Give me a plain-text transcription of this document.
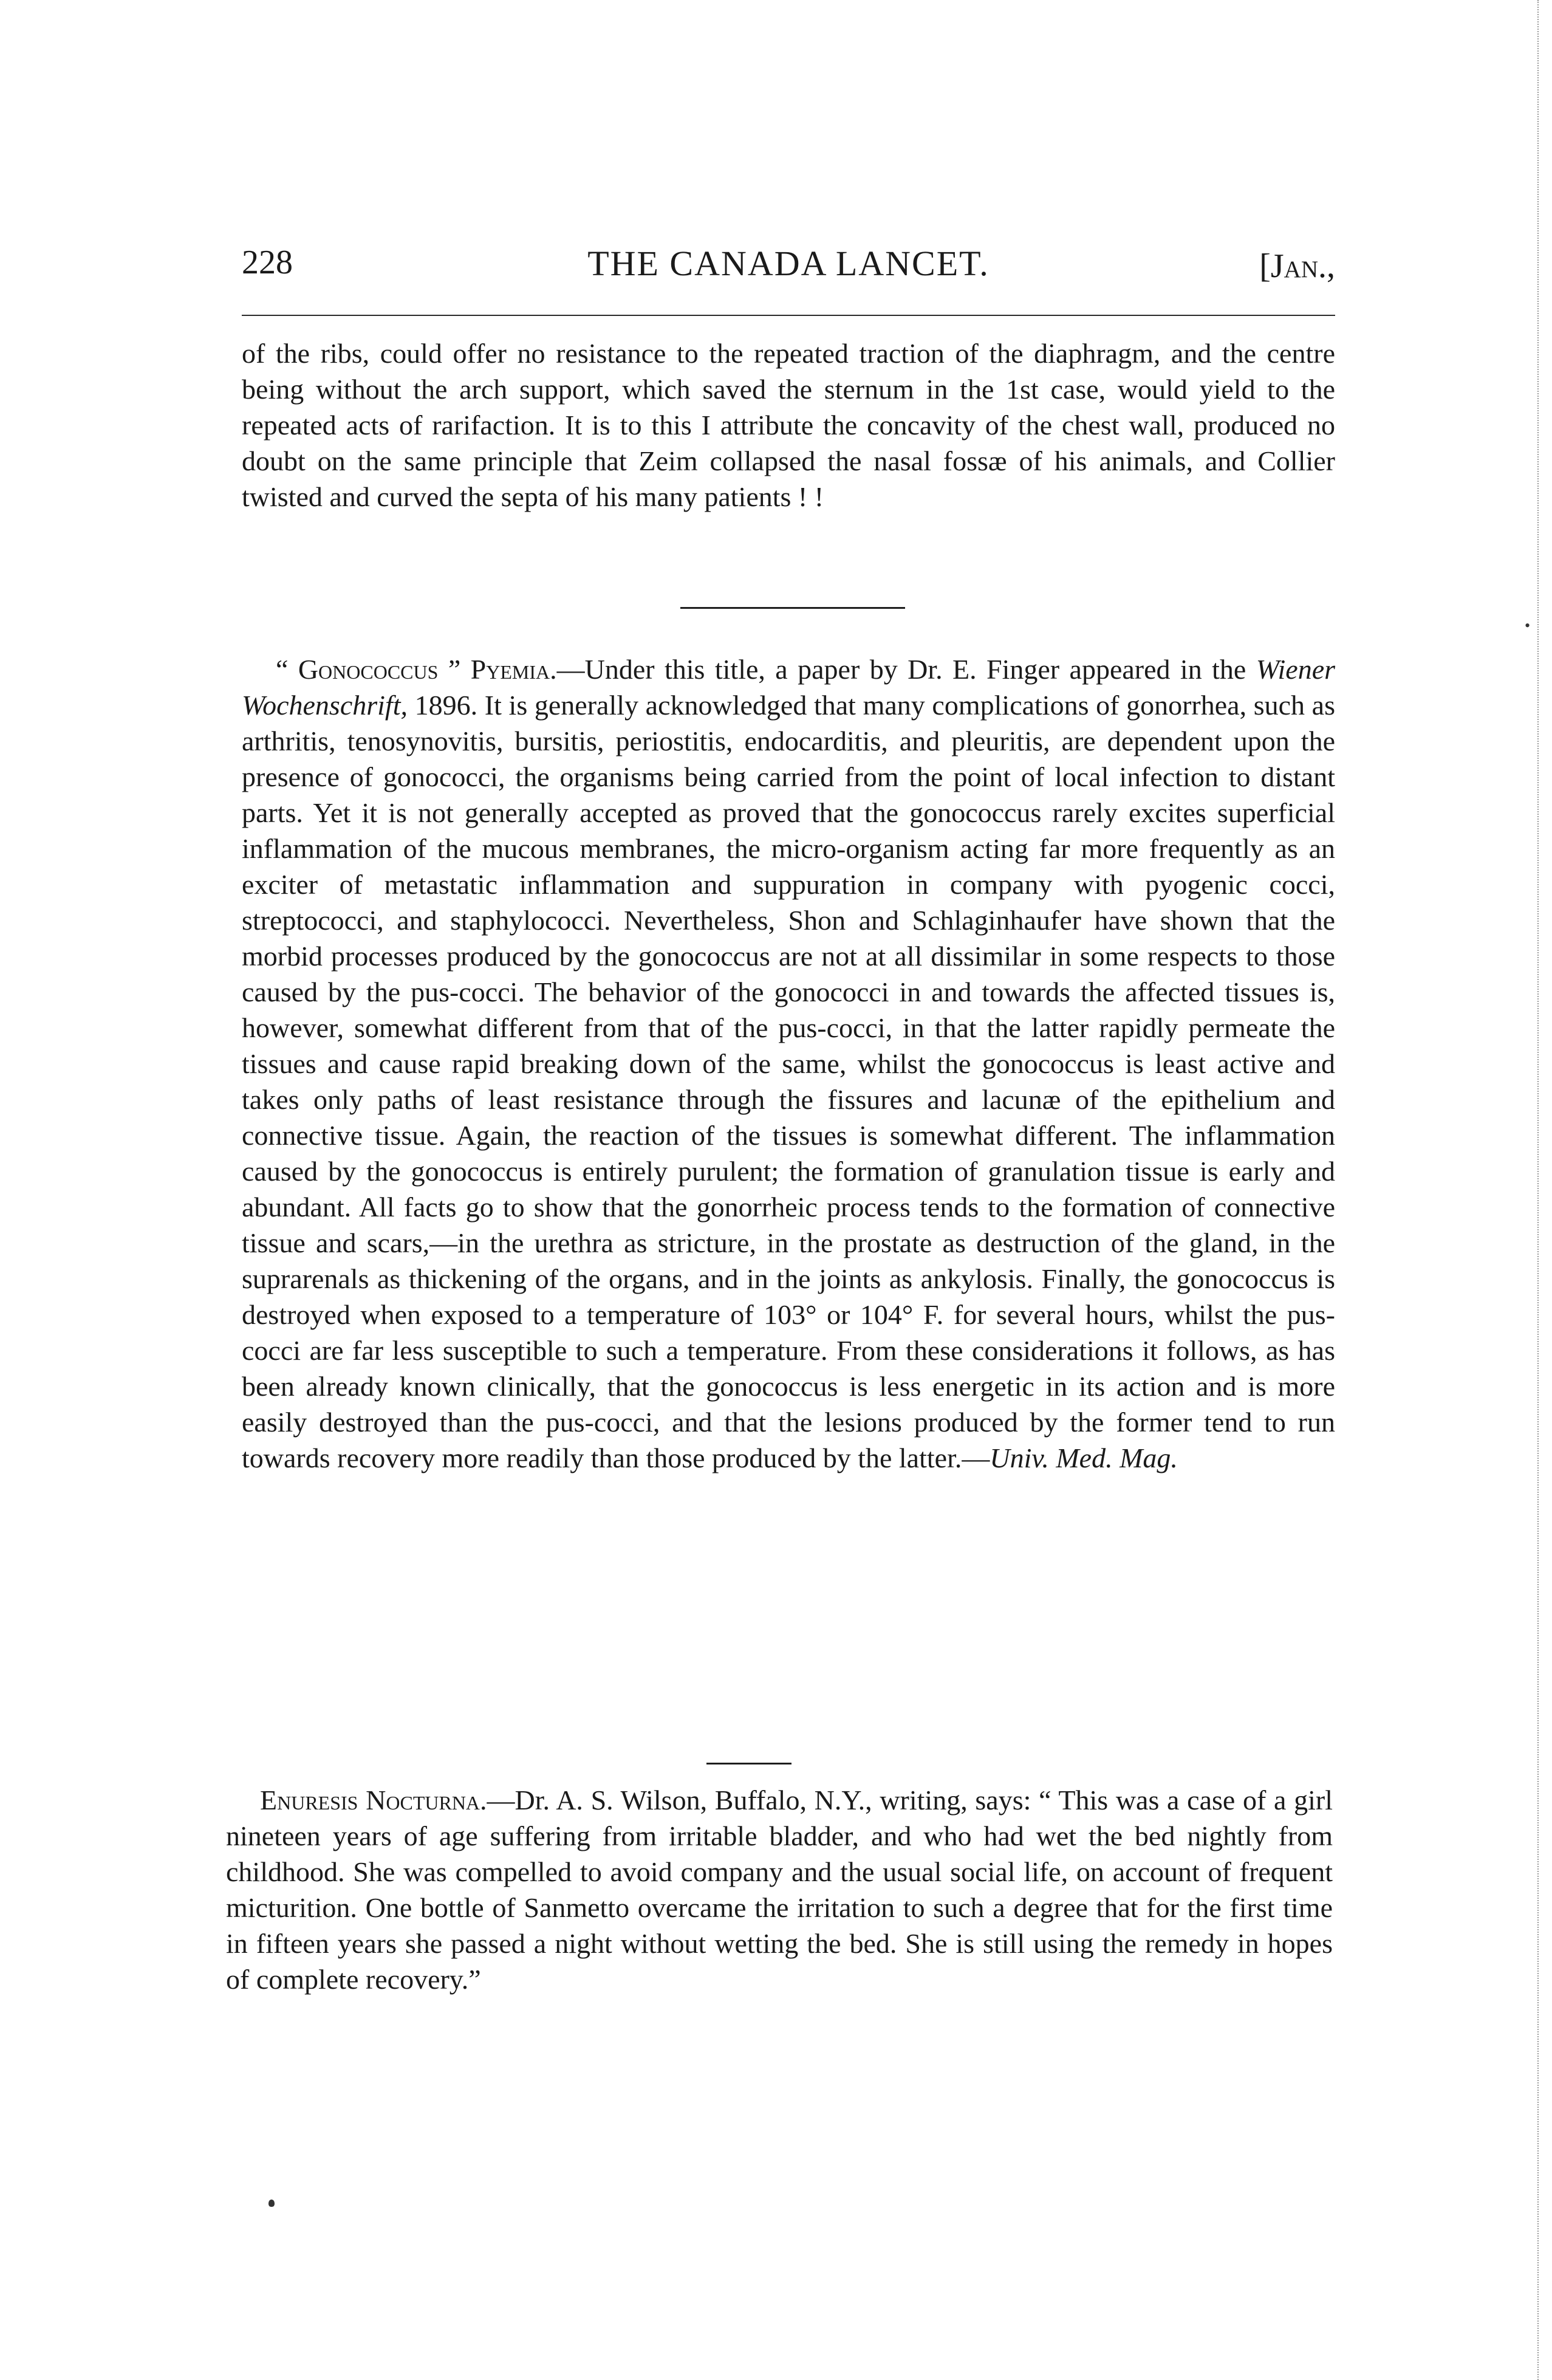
•
228	THE CANADA LANCET.	[Jan.,

of the ribs, could offer no resistance to the repeated traction of the diaphragm, and the centre being without the arch support, which saved the sternum in the 1st case, would yield to the repeated acts of rarifaction. It is to this I attribute the concavity of the chest wall, produced no doubt on the same principle that Zeim collapsed the nasal fossæ of his animals, and Collier twisted and curved the septa of his many patients ! !

“ Gonococcus ” Pyemia.—Under this title, a paper by Dr. E. Finger appeared in the Wiener Wochenschrift, 1896. It is generally acknowledged that many complications of gonorrhea, such as arthritis, tenosynovitis, bursitis, periostitis, endocarditis, and pleuritis, are dependent upon the presence of gonococci, the organisms being carried from the point of local infection to distant parts. Yet it is not generally accepted as proved that the gonococcus rarely excites superficial inflammation of the mucous membranes, the micro-organism acting far more frequently as an exciter of metastatic inflammation and suppuration in company with pyogenic cocci, streptococci, and staphylococci. Nevertheless, Shon and Schlaginhaufer have shown that the morbid processes produced by the gonococcus are not at all dissimilar in some respects to those caused by the pus-cocci. The behavior of the gonococci in and towards the affected tissues is, however, somewhat different from that of the pus-cocci, in that the latter rapidly permeate the tissues and cause rapid breaking down of the same, whilst the gonococcus is least active and takes only paths of least resistance through the fissures and lacunæ of the epithelium and connective tissue. Again, the reaction of the tissues is somewhat different. The inflammation caused by the gonococcus is entirely purulent; the formation of granulation tissue is early and abundant. All facts go to show that the gonorrheic process tends to the formation of connective tissue and scars,—in the urethra as stricture, in the prostate as destruction of the gland, in the suprarenals as thickening of the organs, and in the joints as ankylosis. Finally, the gonococcus is destroyed when exposed to a temperature of 103° or 104° F. for several hours, whilst the pus-cocci are far less susceptible to such a temperature. From these considerations it follows, as has been already known clinically, that the gonococcus is less energetic in its action and is more easily destroyed than the pus-cocci, and that the lesions produced by the former tend to run towards recovery more readily than those produced by the latter.—Univ. Med. Mag.

Enuresis Nocturna.—Dr. A. S. Wilson, Buffalo, N.Y., writing, says: “ This was a case of a girl nineteen years of age suffering from irritable bladder, and who had wet the bed nightly from childhood. She was compelled to avoid company and the usual social life, on account of frequent micturition. One bottle of Sanmetto overcame the irritation to such a degree that for the first time in fifteen years she passed a night without wetting the bed. She is still using the remedy in hopes of complete recovery.”
